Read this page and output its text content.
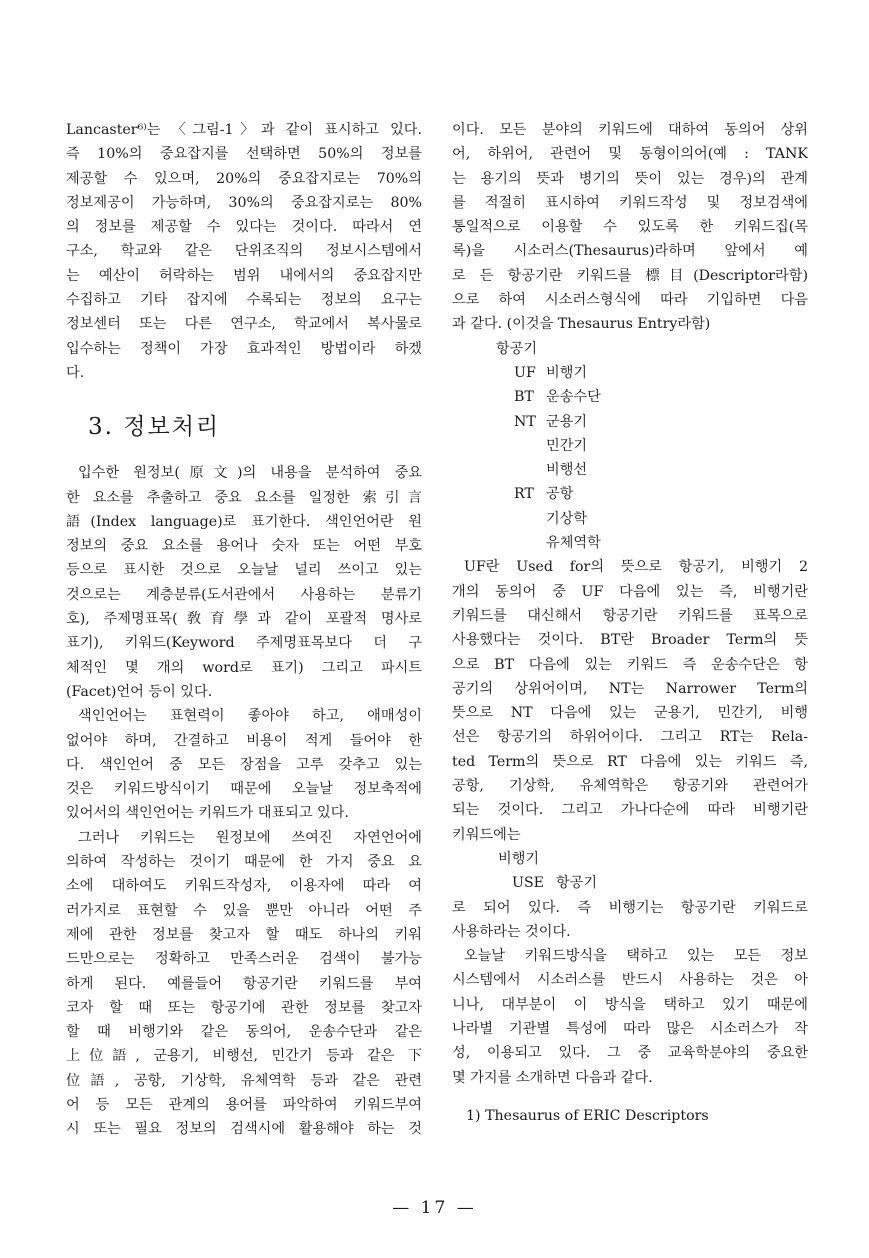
Lancaster⁶⁾는 〈그림-1〉과 같이 표시하고 있다.
즉 10%의 중요잡지를 선택하면 50%의 정보를
제공할 수 있으며, 20%의 중요잡지로는 70%의
정보제공이 가능하며, 30%의 중요잡지로는 80%
의 정보를 제공할 수 있다는 것이다. 따라서 연
구소, 학교와 같은 단위조직의 정보시스템에서
는 예산이 허락하는 범위 내에서의 중요잡지만
수집하고 기타 잡지에 수록되는 정보의 요구는
정보센터 또는 다른 연구소, 학교에서 복사물로
입수하는 정책이 가장 효과적인 방법이라 하겠
다.
3. 정보처리
입수한 원정보(原文)의 내용을 분석하여 중요
한 요소를 추출하고 중요 요소를 일정한 索引言
語(Index language)로 표기한다. 색인언어란 원
정보의 중요 요소를 용어나 숫자 또는 어떤 부호
등으로 표시한 것으로 오늘날 널리 쓰이고 있는
것으로는 계층분류(도서관에서 사용하는 분류기
호), 주제명표목(敎育學과 같이 포괄적 명사로
표기), 키워드(Keyword 주제명표목보다 더 구
체적인 몇 개의 word로 표기) 그리고 파시트
(Facet)언어 등이 있다.
색인언어는 표현력이 좋아야 하고, 애매성이
없어야 하며, 간결하고 비용이 적게 들어야 한
다. 색인언어 중 모든 장점을 고루 갖추고 있는
것은 키워드방식이기 때문에 오늘날 정보축적에
있어서의 색인언어는 키워드가 대표되고 있다.
그러나 키워드는 원정보에 쓰여진 자연언어에
의하여 작성하는 것이기 때문에 한 가지 중요 요
소에 대하여도 키워드작성자, 이용자에 따라 여
러가지로 표현할 수 있을 뿐만 아니라 어떤 주
제에 관한 정보를 찾고자 할 때도 하나의 키워
드만으로는 정확하고 만족스러운 검색이 불가능
하게 된다. 예를들어 항공기란 키워드를 부여
코자 할 때 또는 항공기에 관한 정보를 찾고자
할 때 비행기와 같은 동의어, 운송수단과 같은
上位語, 군용기, 비행선, 민간기 등과 같은 下
位語, 공항, 기상학, 유체역학 등과 같은 관련
어 등 모든 관계의 용어를 파악하여 키워드부여
시 또는 필요 정보의 검색시에 활용해야 하는 것
이다. 모든 분야의 키워드에 대하여 동의어 상위
어, 하위어, 관련어 및 동형이의어(예 : TANK
는 용기의 뜻과 병기의 뜻이 있는 경우)의 관계
를 적절히 표시하여 키워드작성 및 정보검색에
통일적으로 이용할 수 있도록 한 키워드집(목
록)을 시소러스(Thesaurus)라하며 앞에서 예
로 든 항공기란 키워드를 標目(Descriptor라함)
으로 하여 시소러스형식에 따라 기입하면 다음
과 같다. (이것을 Thesaurus Entry라함)
항공기
UF 비행기
BT 운송수단
NT 군용기
민간기
비행선
RT 공항
기상학
유체역학
UF란 Used for의 뜻으로 항공기, 비행기 2
개의 동의어 중 UF 다음에 있는 즉, 비행기란
키워드를 대신해서 항공기란 키워드를 표목으로
사용했다는 것이다. BT란 Broader Term의 뜻
으로 BT 다음에 있는 키워드 즉 운송수단은 항
공기의 상위어이며, NT는 Narrower Term의
뜻으로 NT 다음에 있는 군용기, 민간기, 비행
선은 항공기의 하위어이다. 그리고 RT는 Rela-
ted Term의 뜻으로 RT 다음에 있는 키워드 즉,
공항, 기상학, 유체역학은 항공기와 관련어가
되는 것이다. 그리고 가나다순에 따라 비행기란
키워드에는
비행기
USE 항공기
로 되어 있다. 즉 비행기는 항공기란 키워드로
사용하라는 것이다.
오늘날 키워드방식을 택하고 있는 모든 정보
시스템에서 시소러스를 반드시 사용하는 것은 아
니나, 대부분이 이 방식을 택하고 있기 때문에
나라별 기관별 특성에 따라 많은 시소러스가 작
성, 이용되고 있다. 그 중 교육학분야의 중요한
몇 가지를 소개하면 다음과 같다.
1) Thesaurus of ERIC Descriptors
— 17 —
